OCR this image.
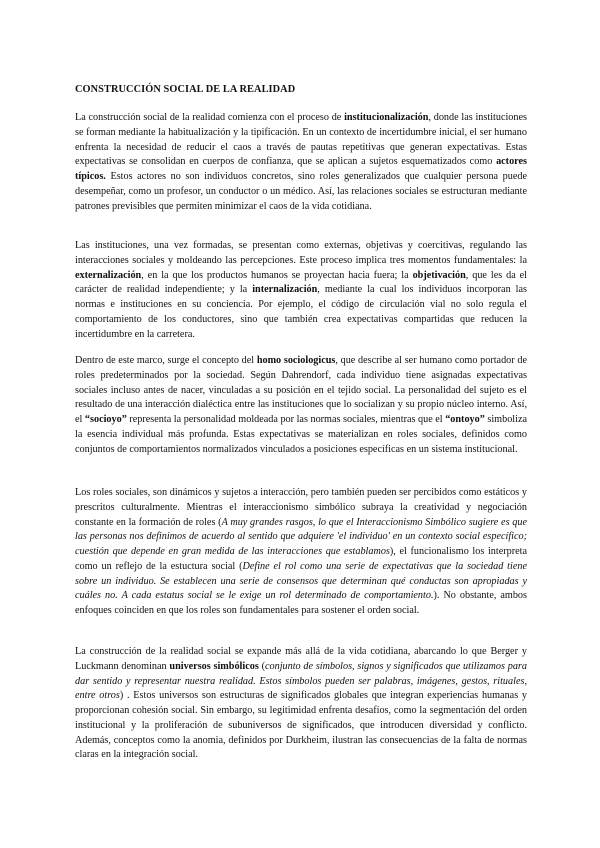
CONSTRUCCIÓN SOCIAL DE LA REALIDAD

La construcción social de la realidad comienza con el proceso de institucionalización, donde las instituciones se forman mediante la habitualización y la tipificación. En un contexto de incertidumbre inicial, el ser humano enfrenta la necesidad de reducir el caos a través de pautas repetitivas que generan expectativas. Estas expectativas se consolidan en cuerpos de confianza, que se aplican a sujetos esquematizados como actores típicos. Estos actores no son individuos concretos, sino roles generalizados que cualquier persona puede desempeñar, como un profesor, un conductor o un médico. Así, las relaciones sociales se estructuran mediante patrones previsibles que permiten minimizar el caos de la vida cotidiana.

Las instituciones, una vez formadas, se presentan como externas, objetivas y coercitivas, regulando las interacciones sociales y moldeando las percepciones. Este proceso implica tres momentos fundamentales: la externalización, en la que los productos humanos se proyectan hacia fuera; la objetivación, que les da el carácter de realidad independiente; y la internalización, mediante la cual los individuos incorporan las normas e instituciones en su conciencia. Por ejemplo, el código de circulación vial no solo regula el comportamiento de los conductores, sino que también crea expectativas compartidas que reducen la incertidumbre en la carretera.

Dentro de este marco, surge el concepto del homo sociologicus, que describe al ser humano como portador de roles predeterminados por la sociedad. Según Dahrendorf, cada individuo tiene asignadas expectativas sociales incluso antes de nacer, vinculadas a su posición en el tejido social. La personalidad del sujeto es el resultado de una interacción dialéctica entre las instituciones que lo socializan y su propio núcleo interno. Así, el “socioyo” representa la personalidad moldeada por las normas sociales, mientras que el “ontoyo” simboliza la esencia individual más profunda. Estas expectativas se materializan en roles sociales, definidos como conjuntos de comportamientos normalizados vinculados a posiciones específicas en un sistema institucional.

Los roles sociales, son dinámicos y sujetos a interacción, pero también pueden ser percibidos como estáticos y prescritos culturalmente. Mientras el interaccionismo simbólico subraya la creatividad y negociación constante en la formación de roles (A muy grandes rasgos, lo que el Interaccionismo Simbólico sugiere es que las personas nos definimos de acuerdo al sentido que adquiere 'el individuo' en un contexto social específico; cuestión que depende en gran medida de las interacciones que establamos), el funcionalismo los interpreta como un reflejo de la estuctura social (Define el rol como una serie de expectativas que la sociedad tiene sobre un individuo. Se establecen una serie de consensos que determinan qué conductas son apropiadas y cuáles no. A cada estatus social se le exige un rol determinado de comportamiento.). No obstante, ambos enfoques coinciden en que los roles son fundamentales para sostener el orden social.

La construcción de la realidad social se expande más allá de la vida cotidiana, abarcando lo que Berger y Luckmann denominan universos simbólicos (conjunto de símbolos, signos y significados que utilizamos para dar sentido y representar nuestra realidad. Estos símbolos pueden ser palabras, imágenes, gestos, rituales, entre otros) . Estos universos son estructuras de significados globales que integran experiencias humanas y proporcionan cohesión social. Sin embargo, su legitimidad enfrenta desafíos, como la segmentación del orden institucional y la proliferación de subuniversos de significados, que introducen diversidad y conflicto. Además, conceptos como la anomia, definidos por Durkheim, ilustran las consecuencias de la falta de normas claras en la integración social.
